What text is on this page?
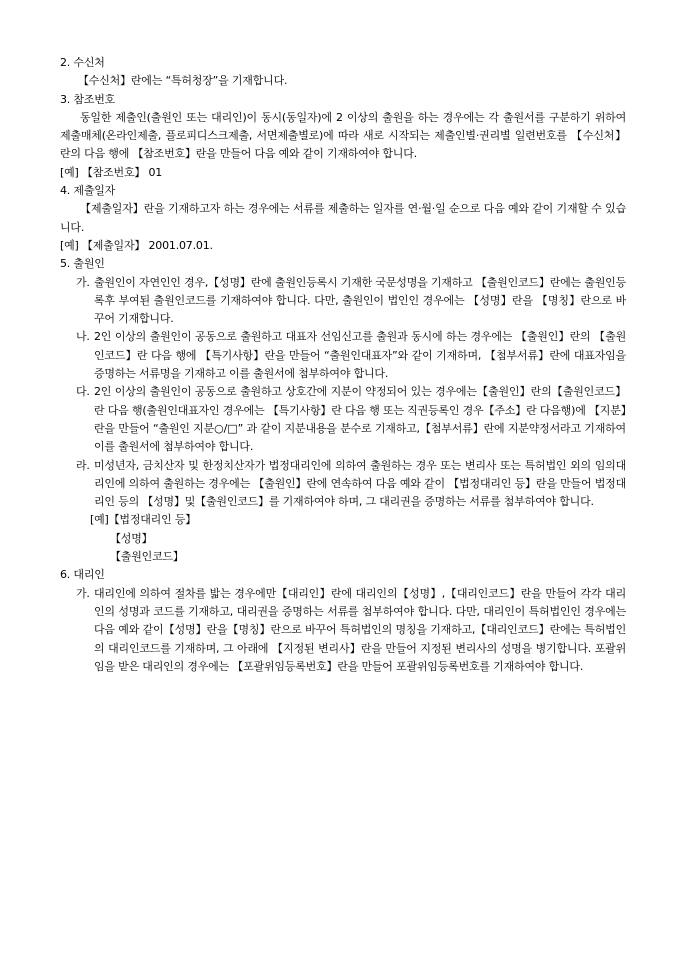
2. 수신처

【수신처】란에는 “특허청장”을 기재합니다.

3. 참조번호

동일한 제출인(출원인 또는 대리인)이 동시(동일자)에 2 이상의 출원을 하는 경우에는 각 출원서를 구분하기 위하여 제출매체(온라인제출, 플로피디스크제출, 서면제출별로)에 따라 새로 시작되는 제출인별·권리별 일련번호를 【수신처】란의 다음 행에 【참조번호】란을 만들어 다음 예와 같이 기재하여야 합니다.

[예] 【참조번호】 01

4. 제출일자

【제출일자】란을 기재하고자 하는 경우에는 서류를 제출하는 일자를 연·월·일 순으로 다음 예와 같이 기재할 수 있습니다.

[예] 【제출일자】 2001.07.01.

5. 출원인

가. 출원인이 자연인인 경우,【성명】란에 출원인등록시 기재한 국문성명을 기재하고 【출원인코드】란에는 출원인등록후 부여된 출원인코드를 기재하여야 합니다. 다만, 출원인이 법인인 경우에는 【성명】란을 【명칭】란으로 바꾸어 기재합니다.
나. 2인 이상의 출원인이 공동으로 출원하고 대표자 선임신고를 출원과 동시에 하는 경우에는 【출원인】란의 【출원인코드】란 다음 행에 【특기사항】란을 만들어 “출원인대표자”와 같이 기재하며, 【첨부서류】란에 대표자임을 증명하는 서류명을 기재하고 이를 출원서에 첨부하여야 합니다.
다. 2인 이상의 출원인이 공동으로 출원하고 상호간에 지분이 약정되어 있는 경우에는【출원인】란의【출원인코드】란 다음 행(출원인대표자인 경우에는 【특기사항】란 다음 행 또는 직권등록인 경우【주소】란 다음행)에 【지분】란을 만들어 “출원인 지분○/□” 과 같이 지분내용을 분수로 기재하고,【첨부서류】란에 지분약정서라고 기재하여 이를 출원서에 첨부하여야 합니다.
라. 미성년자, 금치산자 및 한정치산자가 법정대리인에 의하여 출원하는 경우 또는 변리사 또는 특허법인 외의 임의대리인에 의하여 출원하는 경우에는 【출원인】란에 연속하여 다음 예와 같이 【법정대리인 등】란을 만들어 법정대리인 등의 【성명】및【출원인코드】를 기재하여야 하며, 그 대리권을 증명하는 서류를 첨부하여야 합니다.

[예]【법정대리인 등】

【성명】

【출원인코드】

6. 대리인

가. 대리인에 의하여 절차를 밟는 경우에만【대리인】란에 대리인의【성명】,【대리인코드】란을 만들어 각각 대리인의 성명과 코드를 기재하고, 대리권을 증명하는 서류를 첨부하여야 합니다. 다만, 대리인이 특허법인인 경우에는 다음 예와 같이【성명】란을【명칭】란으로 바꾸어 특허법인의 명칭을 기재하고,【대리인코드】란에는 특허법인의 대리인코드를 기재하며, 그 아래에 【지정된 변리사】란을 만들어 지정된 변리사의 성명을 병기합니다. 포괄위임을 받은 대리인의 경우에는 【포괄위임등록번호】란을 만들어 포괄위임등록번호를 기재하여야 합니다.
